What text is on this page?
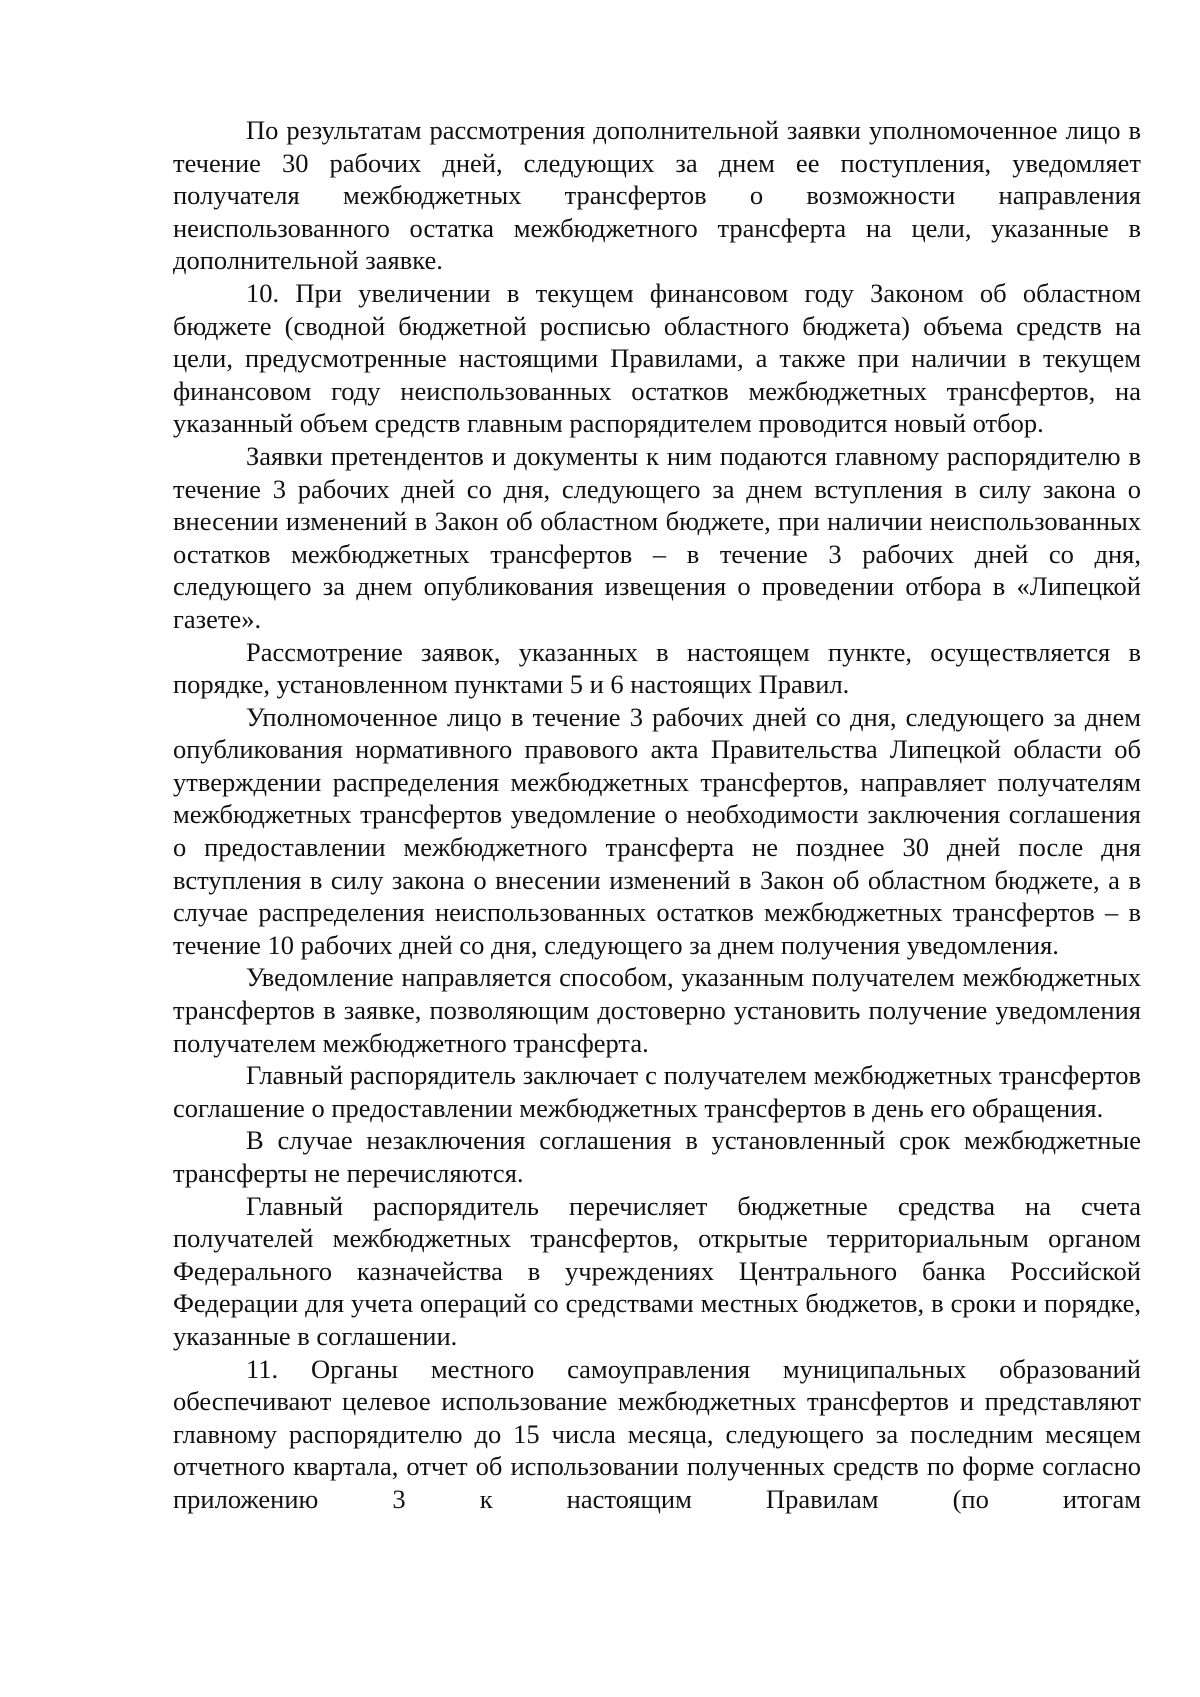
По результатам рассмотрения дополнительной заявки уполномоченное лицо в течение 30 рабочих дней, следующих за днем ее поступления, уведомляет получателя межбюджетных трансфертов о возможности направления неиспользованного остатка межбюджетного трансферта на цели, указанные в дополнительной заявке.

10. При увеличении в текущем финансовом году Законом об областном бюджете (сводной бюджетной росписью областного бюджета) объема средств на цели, предусмотренные настоящими Правилами, а также при наличии в текущем финансовом году неиспользованных остатков межбюджетных трансфертов, на указанный объем средств главным распорядителем проводится новый отбор.

Заявки претендентов и документы к ним подаются главному распорядителю в течение 3 рабочих дней со дня, следующего за днем вступления в силу закона о внесении изменений в Закон об областном бюджете, при наличии неиспользованных остатков межбюджетных трансфертов – в течение 3 рабочих дней со дня, следующего за днем опубликования извещения о проведении отбора в «Липецкой газете».

Рассмотрение заявок, указанных в настоящем пункте, осуществляется в порядке, установленном пунктами 5 и 6 настоящих Правил.

Уполномоченное лицо в течение 3 рабочих дней со дня, следующего за днем опубликования нормативного правового акта Правительства Липецкой области об утверждении распределения межбюджетных трансфертов, направляет получателям межбюджетных трансфертов уведомление о необходимости заключения соглашения о предоставлении межбюджетного трансферта не позднее 30 дней после дня вступления в силу закона о внесении изменений в Закон об областном бюджете, а в случае распределения неиспользованных остатков межбюджетных трансфертов – в течение 10 рабочих дней со дня, следующего за днем получения уведомления.

Уведомление направляется способом, указанным получателем межбюджетных трансфертов в заявке, позволяющим достоверно установить получение уведомления получателем межбюджетного трансферта.

Главный распорядитель заключает с получателем межбюджетных трансфертов соглашение о предоставлении межбюджетных трансфертов в день его обращения.

В случае незаключения соглашения в установленный срок межбюджетные трансферты не перечисляются.

Главный распорядитель перечисляет бюджетные средства на счета получателей межбюджетных трансфертов, открытые территориальным органом Федерального казначейства в учреждениях Центрального банка Российской Федерации для учета операций со средствами местных бюджетов, в сроки и порядке, указанные в соглашении.

11. Органы местного самоуправления муниципальных образований обеспечивают целевое использование межбюджетных трансфертов и представляют главному распорядителю до 15 числа месяца, следующего за последним месяцем отчетного квартала, отчет об использовании полученных средств по форме согласно приложению 3 к настоящим Правилам (по итогам
